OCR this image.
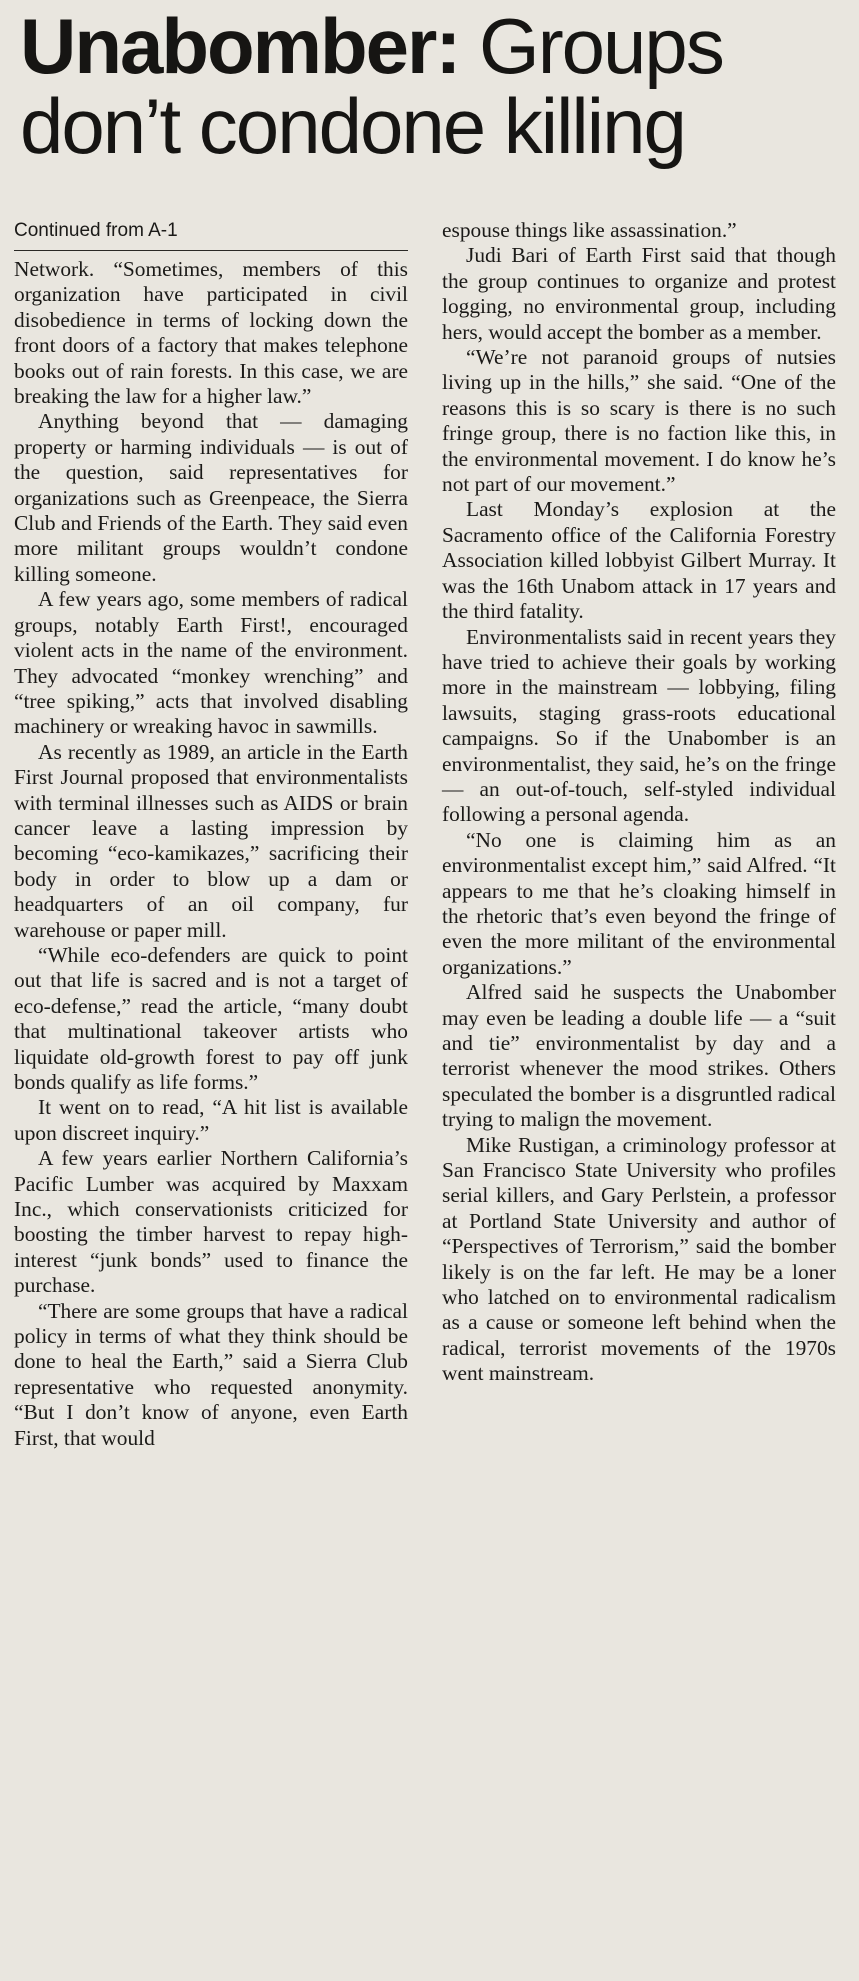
Unabomber: Groups don’t condone killing
Continued from A-1

Network. “Sometimes, members of this organization have participated in civil disobedience in terms of locking down the front doors of a factory that makes telephone books out of rain forests. In this case, we are breaking the law for a higher law.”

Anything beyond that — damaging property or harming individuals — is out of the question, said representatives for organizations such as Greenpeace, the Sierra Club and Friends of the Earth. They said even more militant groups wouldn’t condone killing someone.

A few years ago, some members of radical groups, notably Earth First!, encouraged violent acts in the name of the environment. They advocated “monkey wrenching” and “tree spiking,” acts that involved disabling machinery or wreaking havoc in sawmills.

As recently as 1989, an article in the Earth First Journal proposed that environmentalists with terminal illnesses such as AIDS or brain cancer leave a lasting impression by becoming “eco-kamikazes,” sacrificing their body in order to blow up a dam or headquarters of an oil company, fur warehouse or paper mill.

“While eco-defenders are quick to point out that life is sacred and is not a target of eco-defense,” read the article, “many doubt that multinational takeover artists who liquidate old-growth forest to pay off junk bonds qualify as life forms.”

It went on to read, “A hit list is available upon discreet inquiry.”

A few years earlier Northern California’s Pacific Lumber was acquired by Maxxam Inc., which conservationists criticized for boosting the timber harvest to repay high-interest “junk bonds” used to finance the purchase.

“There are some groups that have a radical policy in terms of what they think should be done to heal the Earth,” said a Sierra Club representative who requested anonymity. “But I don’t know of anyone, even Earth First, that would

espouse things like assassination.”

Judi Bari of Earth First said that though the group continues to organize and protest logging, no environmental group, including hers, would accept the bomber as a member.

“We’re not paranoid groups of nutsies living up in the hills,” she said. “One of the reasons this is so scary is there is no such fringe group, there is no faction like this, in the environmental movement. I do know he’s not part of our movement.”

Last Monday’s explosion at the Sacramento office of the California Forestry Association killed lobbyist Gilbert Murray. It was the 16th Unabom attack in 17 years and the third fatality.

Environmentalists said in recent years they have tried to achieve their goals by working more in the mainstream — lobbying, filing lawsuits, staging grass-roots educational campaigns. So if the Unabomber is an environmentalist, they said, he’s on the fringe — an out-of-touch, self-styled individual following a personal agenda.

“No one is claiming him as an environmentalist except him,” said Alfred. “It appears to me that he’s cloaking himself in the rhetoric that’s even beyond the fringe of even the more militant of the environmental organizations.”

Alfred said he suspects the Unabomber may even be leading a double life — a “suit and tie” environmentalist by day and a terrorist whenever the mood strikes. Others speculated the bomber is a disgruntled radical trying to malign the movement.

Mike Rustigan, a criminology professor at San Francisco State University who profiles serial killers, and Gary Perlstein, a professor at Portland State University and author of “Perspectives of Terrorism,” said the bomber likely is on the far left. He may be a loner who latched on to environmental radicalism as a cause or someone left behind when the radical, terrorist movements of the 1970s went mainstream.
